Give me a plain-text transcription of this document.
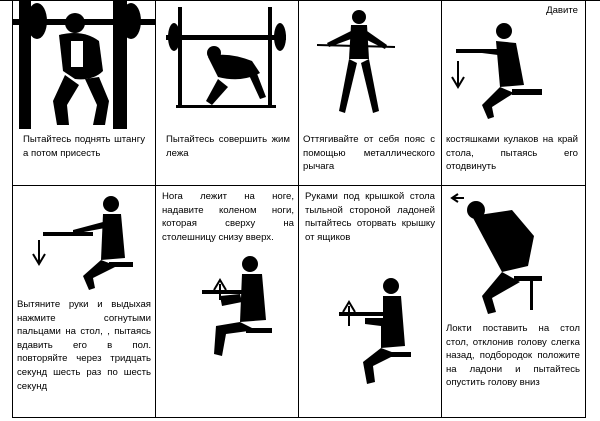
Пытайтесь поднять штангу а потом присесть
Пытайтесь совершить жим лежа
Оттягивайте от себя пояс с помощью металлического рычага
Давите
костяшками кулаков на край стола, пытаясь его отодвинуть
Вытяните руки и выдыхая нажмите согнутыми пальцами на стол, , пытаясь вдавить его в пол. повторяйте через тридцать секунд шесть раз по шесть секунд
Нога лежит на ноге, надавите коленом ноги, которая сверху на столешницу снизу вверх.
Руками под крышкой стола тыльной стороной ладоней пытайтесь оторвать крышку от ящиков
Локти поставить на стол стол, отклонив голову слегка назад, подбородок положите на ладони и пытайтесь опустить голову вниз
